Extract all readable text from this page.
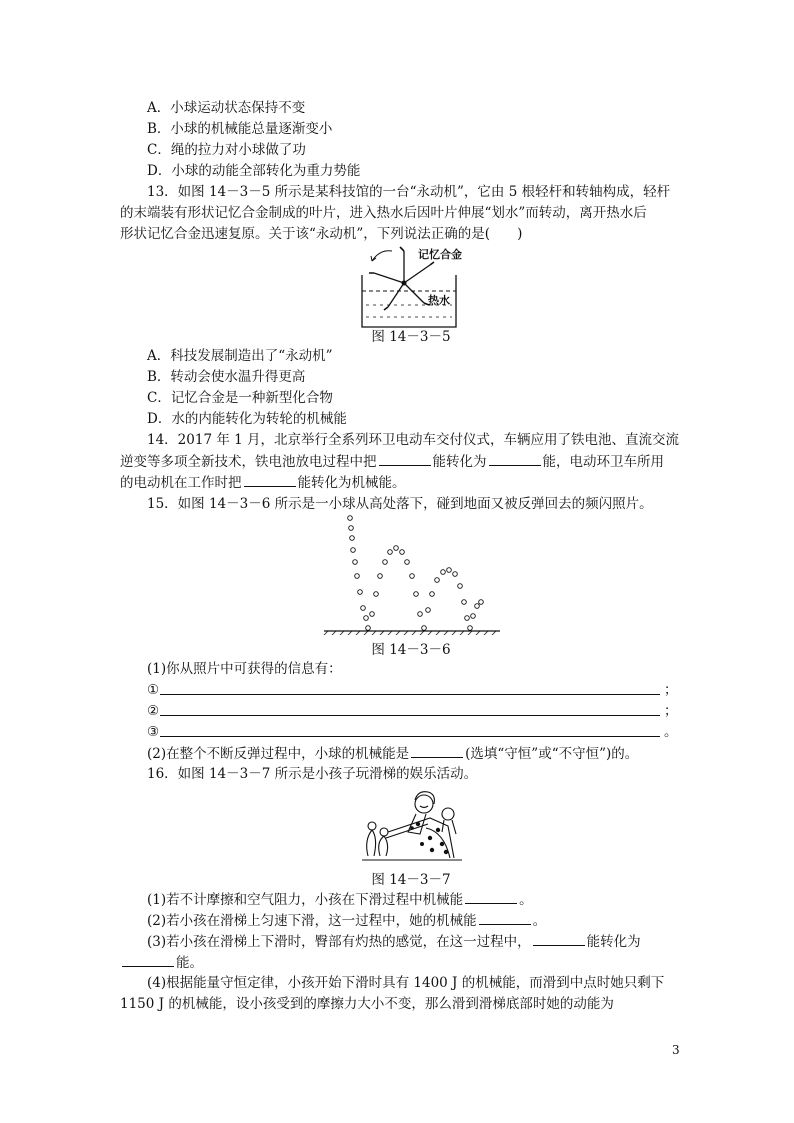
A．小球运动状态保持不变
B．小球的机械能总量逐渐变小
C．绳的拉力对小球做了功
D．小球的动能全部转化为重力势能
13．如图 14－3－5 所示是某科技馆的一台“永动机”，它由 5 根轻杆和转轴构成，轻杆
的末端装有形状记忆合金制成的叶片，进入热水后因叶片伸展“划水”而转动，离开热水后
形状记忆合金迅速复原。关于该“永动机”，下列说法正确的是(　　)
记忆合金
热水
图 14－3－5
A．科技发展制造出了“永动机”
B．转动会使水温升得更高
C．记忆合金是一种新型化合物
D．水的内能转化为转轮的机械能
14．2017 年 1 月，北京举行全系列环卫电动车交付仪式，车辆应用了铁电池、直流交流
逆变等多项全新技术，铁电池放电过程中把	能转化为	能，电动环卫车所用
的电动机在工作时把	能转化为机械能。
15．如图 14－3－6 所示是一小球从高处落下，碰到地面又被反弹回去的频闪照片。
图 14－3－6
(1)你从照片中可获得的信息有：
①	；
②	；
③	。
(2)在整个不断反弹过程中，小球的机械能是	(选填“守恒”或“不守恒”)的。
16．如图 14－3－7 所示是小孩子玩滑梯的娱乐活动。
图 14－3－7
(1)若不计摩擦和空气阻力，小孩在下滑过程中机械能	。
(2)若小孩在滑梯上匀速下滑，这一过程中，她的机械能	。
(3)若小孩在滑梯上下滑时，臀部有灼热的感觉，在这一过程中，	能转化为
能。
(4)根据能量守恒定律，小孩开始下滑时具有 1400 J 的机械能，而滑到中点时她只剩下
1150 J 的机械能，设小孩受到的摩擦力大小不变，那么滑到滑梯底部时她的动能为
3
